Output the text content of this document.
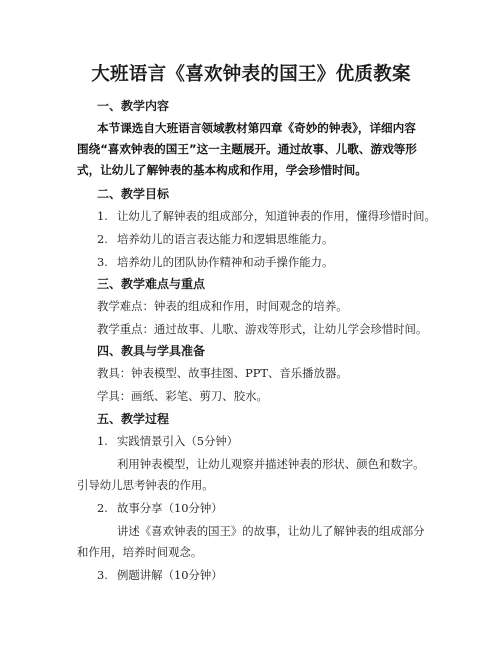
大班语言《喜欢钟表的国王》优质教案
一、教学内容
本节课选自大班语言领域教材第四章《奇妙的钟表》，详细内容
围绕“喜欢钟表的国王”这一主题展开。通过故事、儿歌、游戏等形
式，让幼儿了解钟表的基本构成和作用，学会珍惜时间。
二、教学目标
1. 让幼儿了解钟表的组成部分，知道钟表的作用，懂得珍惜时间。
2. 培养幼儿的语言表达能力和逻辑思维能力。
3. 培养幼儿的团队协作精神和动手操作能力。
三、教学难点与重点
教学难点：钟表的组成和作用，时间观念的培养。
教学重点：通过故事、儿歌、游戏等形式，让幼儿学会珍惜时间。
四、教具与学具准备
教具：钟表模型、故事挂图、PPT、音乐播放器。
学具：画纸、彩笔、剪刀、胶水。
五、教学过程
1. 实践情景引入（5分钟）
利用钟表模型，让幼儿观察并描述钟表的形状、颜色和数字。
引导幼儿思考钟表的作用。
2. 故事分享（10分钟）
讲述《喜欢钟表的国王》的故事，让幼儿了解钟表的组成部分
和作用，培养时间观念。
3. 例题讲解（10分钟）
